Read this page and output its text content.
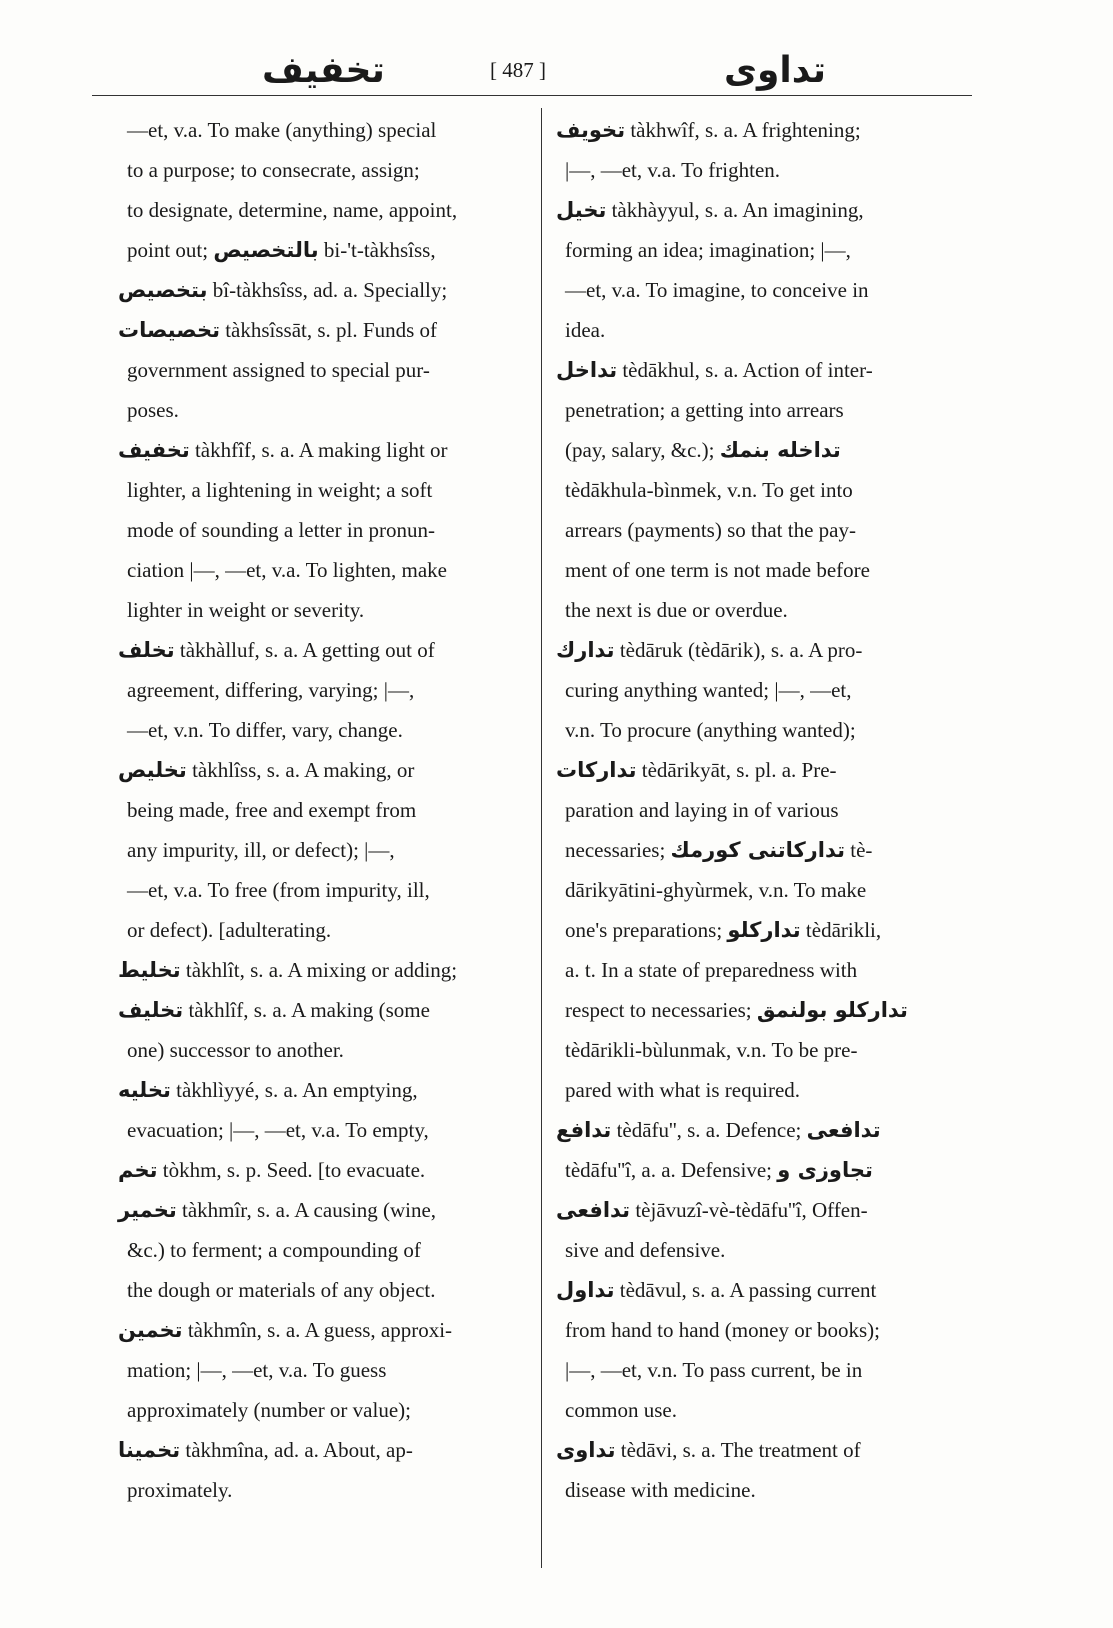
تخفيف	[ 487 ]	تداوى
—et, v.a. To make (anything) special
to a purpose; to consecrate, assign;
to designate, determine, name, appoint,
point out; بالتخصيص bi-'t-tàkhsîss,
بتخصيص bî-tàkhsîss, ad. a. Specially;
تخصيصات tàkhsîssāt, s. pl. Funds of
government assigned to special pur-
poses.
تخفيف tàkhfîf, s. a. A making light or
lighter, a lightening in weight; a soft
mode of sounding a letter in pronun-
ciation |—, —et, v.a. To lighten, make
lighter in weight or severity.
تخلف tàkhàlluf, s. a. A getting out of
agreement, differing, varying; |—,
—et, v.n. To differ, vary, change.
تخليص tàkhlîss, s. a. A making, or
being made, free and exempt from
any impurity, ill, or defect); |—,
—et, v.a. To free (from impurity, ill,
or defect). [adulterating.
تخليط tàkhlît, s. a. A mixing or adding;
تخليف tàkhlîf, s. a. A making (some
one) successor to another.
تخليه tàkhlìyyé, s. a. An emptying,
evacuation; |—, —et, v.a. To empty,
تخم tòkhm, s. p. Seed. [to evacuate.
تخمير tàkhmîr, s. a. A causing (wine,
&c.) to ferment; a compounding of
the dough or materials of any object.
تخمين tàkhmîn, s. a. A guess, approxi-
mation; |—, —et, v.a. To guess
approximately (number or value);
تخمينا tàkhmîna, ad. a. About, ap-
proximately.
تخويف tàkhwîf, s. a. A frightening;
|—, —et, v.a. To frighten.
تخيل tàkhàyyul, s. a. An imagining,
forming an idea; imagination; |—,
—et, v.a. To imagine, to conceive in
idea.
تداخل tèdākhul, s. a. Action of inter-
penetration; a getting into arrears
(pay, salary, &c.); تداخله بنمك
tèdākhula-bìnmek, v.n. To get into
arrears (payments) so that the pay-
ment of one term is not made before
the next is due or overdue.
تدارك tèdāruk (tèdārik), s. a. A pro-
curing anything wanted; |—, —et,
v.n. To procure (anything wanted);
تداركات tèdārikyāt, s. pl. a. Pre-
paration and laying in of various
necessaries; تداركاتنى كورمك tè-
dārikyātini-ghyùrmek, v.n. To make
one's preparations; تداركلو tèdārikli,
a. t. In a state of preparedness with
respect to necessaries; تداركلو بولنمق
tèdārikli-bùlunmak, v.n. To be pre-
pared with what is required.
تدافع tèdāfu'', s. a. Defence; تدافعى
tèdāfu''î, a. a. Defensive; تجاوزى و
تدافعى tèjāvuzî-vè-tèdāfu''î, Offen-
sive and defensive.
تداول tèdāvul, s. a. A passing current
from hand to hand (money or books);
|—, —et, v.n. To pass current, be in
common use.
تداوى tèdāvi, s. a. The treatment of
disease with medicine.
